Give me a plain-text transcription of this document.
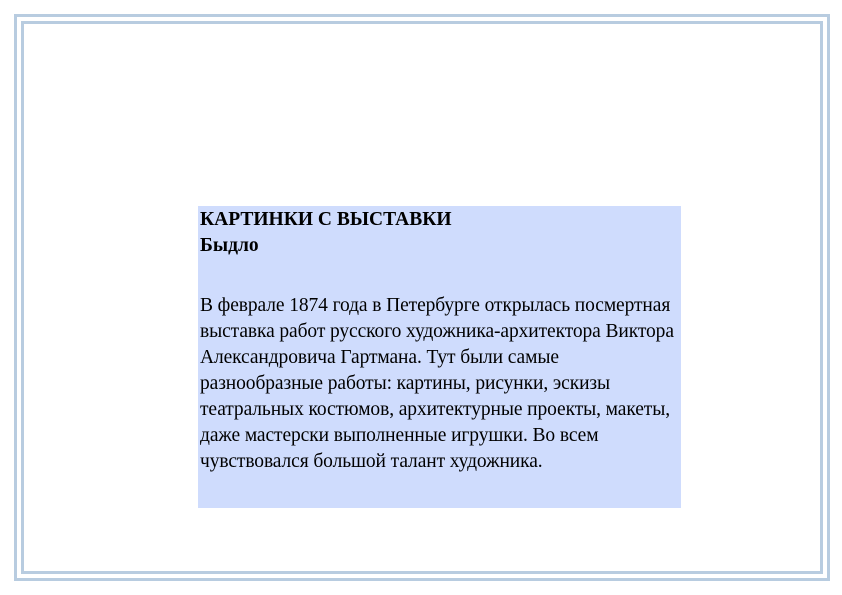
КАРТИНКИ С ВЫСТАВКИ
Быдло
В феврале 1874 года в Петербурге открылась посмертная выставка работ русского художника-архитектора Виктора Александровича Гартмана. Тут были самые разнообразные работы: картины, рисунки, эскизы театральных костюмов, архитектурные проекты, макеты, даже мастерски выполненные игрушки. Во всем чувствовался большой талант художника.
